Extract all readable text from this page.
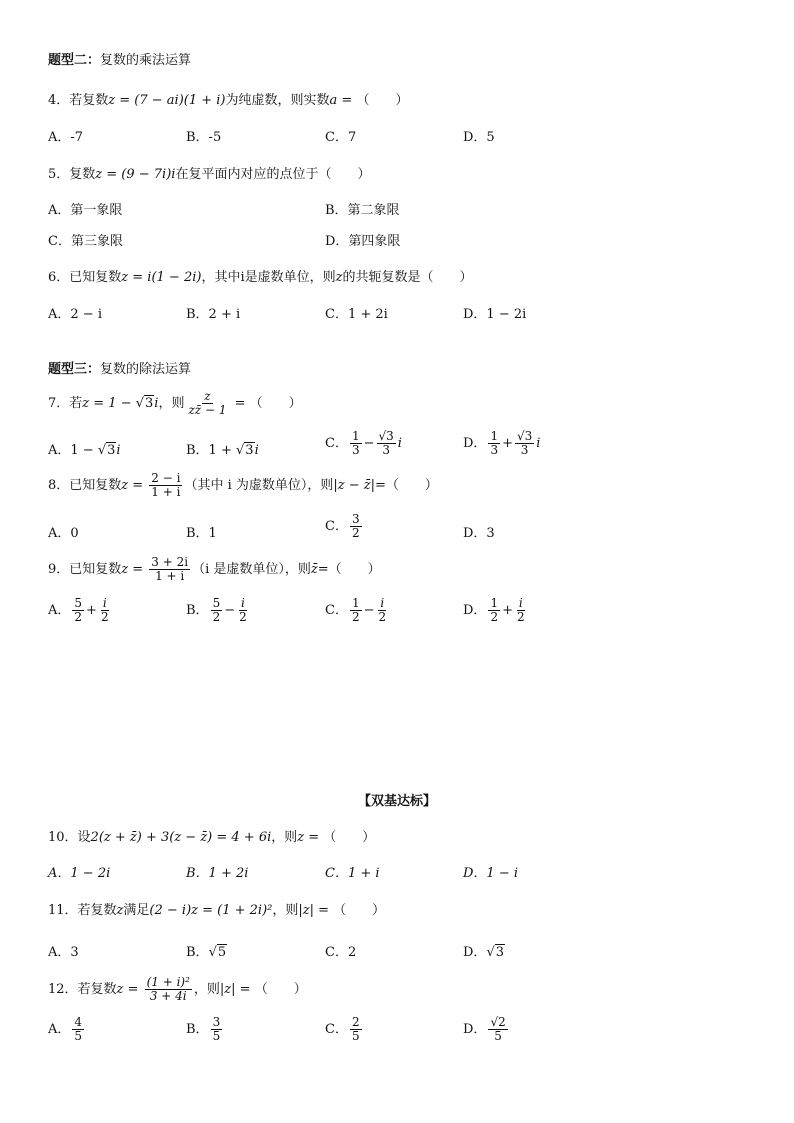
题型二：复数的乘法运算
4．若复数z = (7 − ai)(1 + i)为纯虚数，则实数a = （　　）
A．-7	B．-5	C．7	D．5
5．复数z = (9 − 7i)i在复平面内对应的点位于（　　）
A．第一象限	B．第二象限
C．第三象限	D．第四象限
6．已知复数z = i(1 − 2i)，其中i是虚数单位，则z的共轭复数是（　　）
A．2 − i	B．2 + i	C．1 + 2i	D．1 − 2i
题型三：复数的除法运算
7．若z = 1 − √3i，则 $\frac{z}{zz̄ - 1}$ = （　　）
A．1 − √3i	B．1 + √3i	C． $\frac{1}{3} - \frac{√3}{3}$ i	D． $\frac{1}{3} + \frac{√3}{3}$ i
8．已知复数$z = \frac{2 - i}{1 + i}$ （其中 i 为虚数单位），则|z − z̄|=（　　）
A．0	B．1	C． $\frac{3}{2}$	D．3
9．已知复数$z = \frac{3 + 2i}{1 + i} (i$ 是虚数单位），则z̄=（　　）
A． $\frac{5}{2} + \frac{i}{2}$	B． $\frac{5}{2} - \frac{i}{2}$	C． $\frac{1}{2} - \frac{i}{2}$	D． $\frac{1}{2} + \frac{i}{2}$
【双基达标】
10．设2(z + z̄) + 3(z − z̄) = 4 + 6i，则z = （　　）
A．1 − 2i	B．1 + 2i	C．1 + i	D．1 − i
11．若复数z满足(2 − i)z = (1 + 2i)²，则|z| = （　　）
A．3	B．√5	C．2	D．√3
12．若复数$z = \frac{\text{(1 + i)²}}{3 + 4i}$ ，则|z| = （　　）
A． $\frac{4}{5}$	B． $\frac{3}{5}$	C． $\frac{2}{5}$	D． $\frac{√2}{5}$
